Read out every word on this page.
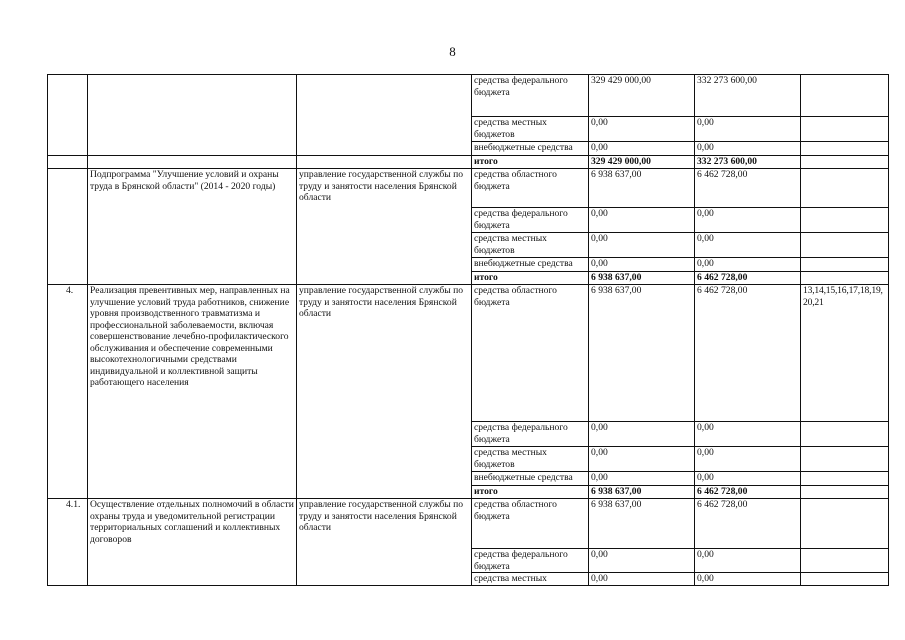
8
			средства федерального бюджета	329 429 000,00	332 273 600,00	
			средства местных бюджетов	0,00	0,00	
			внебюджетные средства	0,00	0,00	
			итого	329 429 000,00	332 273 600,00	
	Подпрограмма "Улучшение условий и охраны труда в Брянской области" (2014 - 2020 годы)	управление государственной службы по труду и занятости населения Брянской области	средства областного бюджета	6 938 637,00	6 462 728,00	
			средства федерального бюджета	0,00	0,00	
			средства местных бюджетов	0,00	0,00	
			внебюджетные средства	0,00	0,00	
			итого	6 938 637,00	6 462 728,00	
4.	Реализация превентивных мер, направленных на улучшение условий труда работников, снижение уровня производственного травматизма и профессиональной заболеваемости, включая совершенствование лечебно-профилактического обслуживания и обеспечение современными высокотехнологичными средствами индивидуальной и коллективной защиты работающего населения	управление государственной службы по труду и занятости населения Брянской области	средства областного бюджета	6 938 637,00	6 462 728,00	13,14,15,16,17,18,19, 20,21
			средства федерального бюджета	0,00	0,00	
			средства местных бюджетов	0,00	0,00	
			внебюджетные средства	0,00	0,00	
			итого	6 938 637,00	6 462 728,00	
4.1.	Осуществление отдельных полномочий в области охраны труда и уведомительной регистрации территориальных соглашений и коллективных договоров	управление государственной службы по труду и занятости населения Брянской области	средства областного бюджета	6 938 637,00	6 462 728,00	
			средства федерального бюджета	0,00	0,00	
			средства местных	0,00	0,00	
